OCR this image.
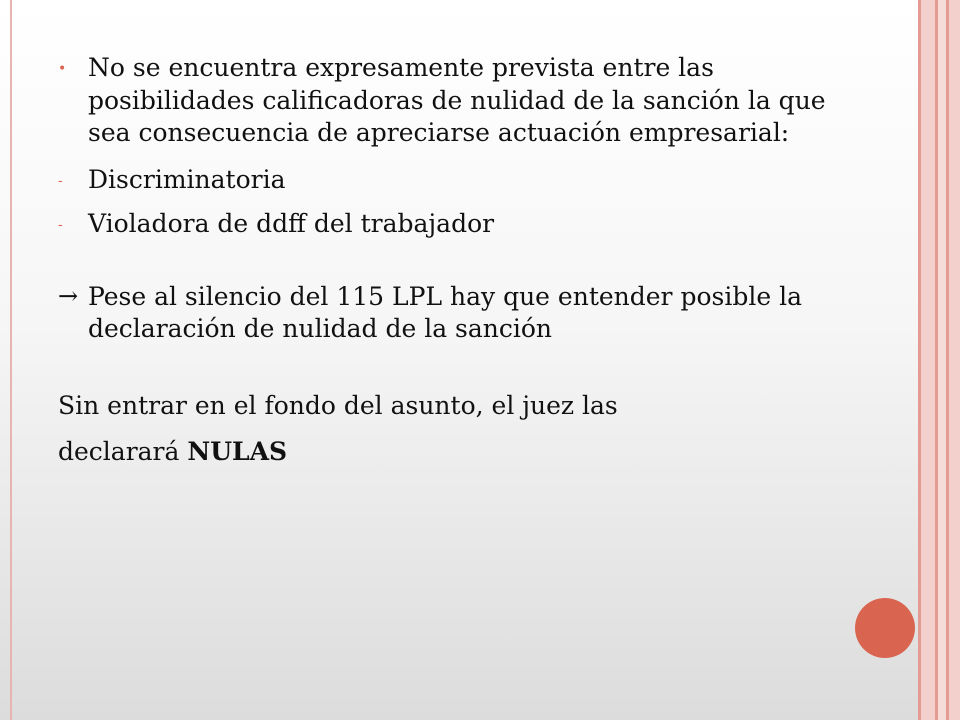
• No se encuentra expresamente prevista entre las posibilidades calificadoras de nulidad de la sanción la que sea consecuencia de apreciarse actuación empresarial:
-	Discriminatoria
-	Violadora de ddff del trabajador
→ Pese al silencio del 115 LPL hay que entender posible la declaración de nulidad de la sanción
Sin entrar en el fondo del asunto, el juez las
declarará NULAS
